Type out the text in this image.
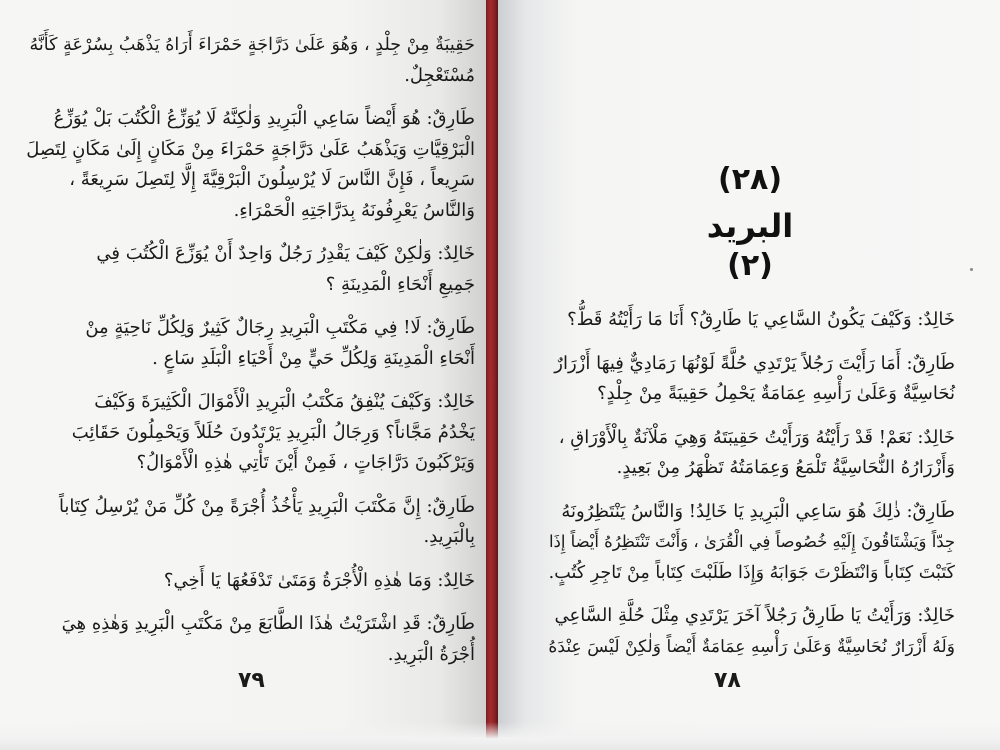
حَقِيبَةٌ مِنْ جِلْدٍ ، وَهُوَ عَلَىٰ دَرَّاجَةٍ حَمْرَاءَ أَرَاهُ يَذْهَبُ بِسُرْعَةٍ كَأَنَّهُ
مُسْتَعْجِلٌ.
طَارِقٌ: هُوَ أَيْضاً سَاعِي الْبَرِيدِ وَلٰكِنَّهُ لَا يُوَزِّعُ الْكُتُبَ بَلْ يُوَزِّعُ
الْبَرْقِيَّاتِ وَيَذْهَبُ عَلَىٰ دَرَّاجَةٍ حَمْرَاءَ مِنْ مَكَانٍ إِلَىٰ مَكَانٍ لِتَصِلَ
سَرِيعاً ، فَإِنَّ النَّاسَ لَا يُرْسِلُونَ الْبَرْقِيَّةَ إِلَّا لِتَصِلَ سَرِيعَةً ،
وَالنَّاسُ يَعْرِفُونَهُ بِدَرَّاجَتِهِ الْحَمْرَاءِ.
خَالِدٌ: وَلٰكِنْ كَيْفَ يَقْدِرُ رَجُلٌ وَاحِدٌ أَنْ يُوَزِّعَ الْكُتُبَ فِي
جَمِيعِ أَنْحَاءِ الْمَدِينَةِ ؟
طَارِقٌ: لَا! فِي مَكْتَبِ الْبَرِيدِ رِجَالٌ كَثِيرٌ وَلِكُلِّ نَاحِيَةٍ مِنْ
أَنْحَاءِ الْمَدِينَةِ وَلِكُلِّ حَيٍّ مِنْ أَحْيَاءِ الْبَلَدِ سَاعٍ .
خَالِدٌ: وَكَيْفَ يُنْفِقُ مَكْتَبُ الْبَرِيدِ الْأَمْوَالَ الْكَثِيرَةَ وَكَيْفَ
يَخْدُمُ مَجَّاناً؟ وَرِجَالُ الْبَرِيدِ يَرْتَدُونَ حُلَلاً وَيَحْمِلُونَ حَقَائِبَ
وَيَرْكَبُونَ دَرَّاجَاتٍ ، فَمِنْ أَيْنَ تَأْتِي هٰذِهِ الْأَمْوَالُ؟
طَارِقٌ: إِنَّ مَكْتَبَ الْبَرِيدِ يَأْخُذُ أُجْرَةً مِنْ كُلِّ مَنْ يُرْسِلُ كِتَاباً
بِالْبَرِيدِ.
خَالِدٌ: وَمَا هٰذِهِ الْأُجْرَةُ وَمَتَىٰ تَدْفَعُهَا يَا أَخِي؟
طَارِقٌ: قَدِ اشْتَرَيْتُ هٰذَا الطَّابَعَ مِنْ مَكْتَبِ الْبَرِيدِ وَهٰذِهِ هِيَ
أُجْرَةُ الْبَرِيدِ.
(٢٨)
البريد
(٢)
خَالِدٌ: وَكَيْفَ يَكُونُ السَّاعِي يَا طَارِقُ؟ أَنَا مَا رَأَيْتُهُ قَطُّ؟
طَارِقٌ: أَمَا رَأَيْتَ رَجُلاً يَرْتَدِي حُلَّةً لَوْنُهَا رَمَادِيٌّ فِيهَا أَزْرَارٌ
نُحَاسِيَّةٌ وَعَلَىٰ رَأْسِهِ عِمَامَةٌ يَحْمِلُ حَقِيبَةً مِنْ جِلْدٍ؟
خَالِدٌ: نَعَمْ! قَدْ رَأَيْتُهُ وَرَأَيْتُ حَقِيبَتَهُ وَهِيَ مَلْآنَةٌ بِالْأَوْرَاقِ ،
وَأَزْرَارُهُ النُّحَاسِيَّةُ تَلْمَعُ وَعِمَامَتُهُ تَظْهَرُ مِنْ بَعِيدٍ.
طَارِقٌ: ذٰلِكَ هُوَ سَاعِي الْبَرِيدِ يَا خَالِدُ! وَالنَّاسُ يَنْتَظِرُونَهُ
جِدّاً وَيَشْتَاقُونَ إِلَيْهِ خُصُوصاً فِي الْقُرَىٰ ، وَأَنْتَ تَنْتَظِرُهُ أَيْضاً إِذَا
كَتَبْتَ كِتَاباً وَانْتَظَرْتَ جَوَابَهُ وَإِذَا طَلَبْتَ كِتَاباً مِنْ تَاجِرِ كُتُبٍ.
خَالِدٌ: وَرَأَيْتُ يَا طَارِقُ رَجُلاً آخَرَ يَرْتَدِي مِثْلَ حُلَّةِ السَّاعِي
وَلَهُ أَزْرَارٌ نُحَاسِيَّةٌ وَعَلَىٰ رَأْسِهِ عِمَامَةٌ أَيْضاً وَلٰكِنْ لَيْسَ عِنْدَهُ
٧٩	٧٨
